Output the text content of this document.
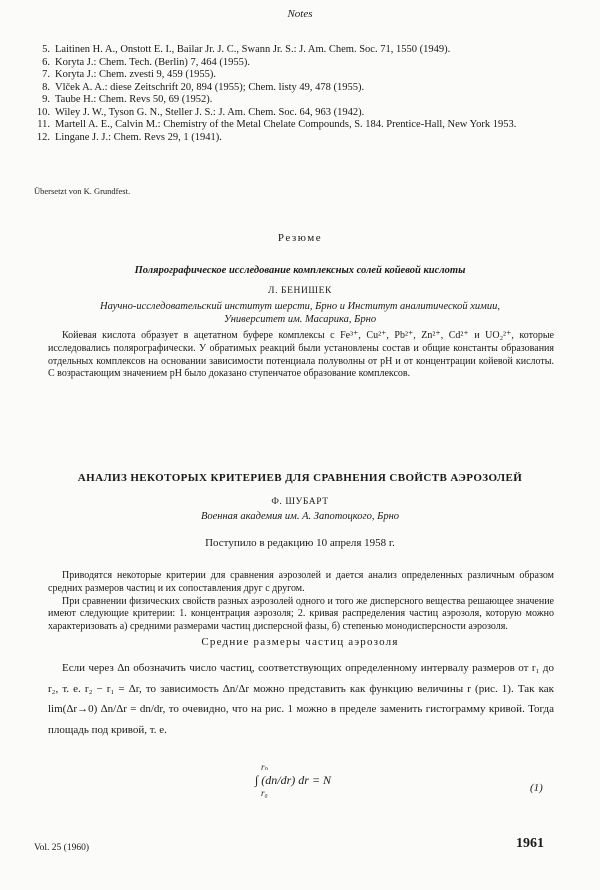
Notes
5. Laitinen H. A., Onstott E. I., Bailar Jr. J. C., Swann Jr. S.: J. Am. Chem. Soc. 71, 1550 (1949).
6. Koryta J.: Chem. Tech. (Berlin) 7, 464 (1955).
7. Koryta J.: Chem. zvesti 9, 459 (1955).
8. Vlček A. A.: diese Zeitschrift 20, 894 (1955); Chem. listy 49, 478 (1955).
9. Taube H.: Chem. Revs 50, 69 (1952).
10. Wiley J. W., Tyson G. N., Steller J. S.: J. Am. Chem. Soc. 64, 963 (1942).
11. Martell A. E., Calvin M.: Chemistry of the Metal Chelate Compounds, S. 184. Prentice-Hall, New York 1953.
12. Lingane J. J.: Chem. Revs 29, 1 (1941).
Übersetzt von K. Grundfest.
Резюме
Полярографическое исследование комплексных солей койевой кислоты
Л. БЕНИШЕК
Научно-исследовательский институт шерсти, Брно и Институт аналитической химии, Университет им. Масарика, Брно

Койевая кислота образует в ацетатном буфере комплексы с Fe³⁺, Cu²⁺, Pb²⁺, Zn²⁺, Cd²⁺ и UO₂²⁺, которые исследовались полярографически. У обратимых реакций были установлены состав и общие константы образования отдельных комплексов на основании зависимости потенциала полуволны от pH и от концентрации койевой кислоты. С возрастающим значением pH было доказано ступенчатое образование комплексов.

АНАЛИЗ НЕКОТОРЫХ КРИТЕРИЕВ ДЛЯ СРАВНЕНИЯ СВОЙСТВ АЭРОЗОЛЕЙ
Ф. ШУБАРТ
Военная академия им. А. Запотоцкого, Брно
Поступило в редакцию 10 апреля 1958 г.

Приводятся некоторые критерии для сравнения аэрозолей и дается анализ определенных различным образом средних размеров частиц и их сопоставления друг с другом.

При сравнении физических свойств разных аэрозолей одного и того же дисперсного вещества решающее значение имеют следующие критерии: 1. концентрация аэрозоля; 2. кривая распределения частиц аэрозоля, которую можно характеризовать а) средними размерами частиц дисперсной фазы, б) степенью монодисперсности аэрозоля.

Средние размеры частиц аэрозоля

Если через Δn обозначить число частиц, соответствующих определенному интервалу размеров от r₁ до r₂, т. е. r₂ − r₁ = Δr, то зависимость Δn/Δr можно представить как функцию величины r (рис. 1). Так как lim(Δr→0) Δn/Δr = dn/dr, то очевидно, что на рис. 1 можно в пределе заменить гистограмму кривой. Тогда площадь под кривой, т. е.

rₙ
∫ (dn/dr) dr = N
r₀	(1)
Vol. 25 (1960)	1961
